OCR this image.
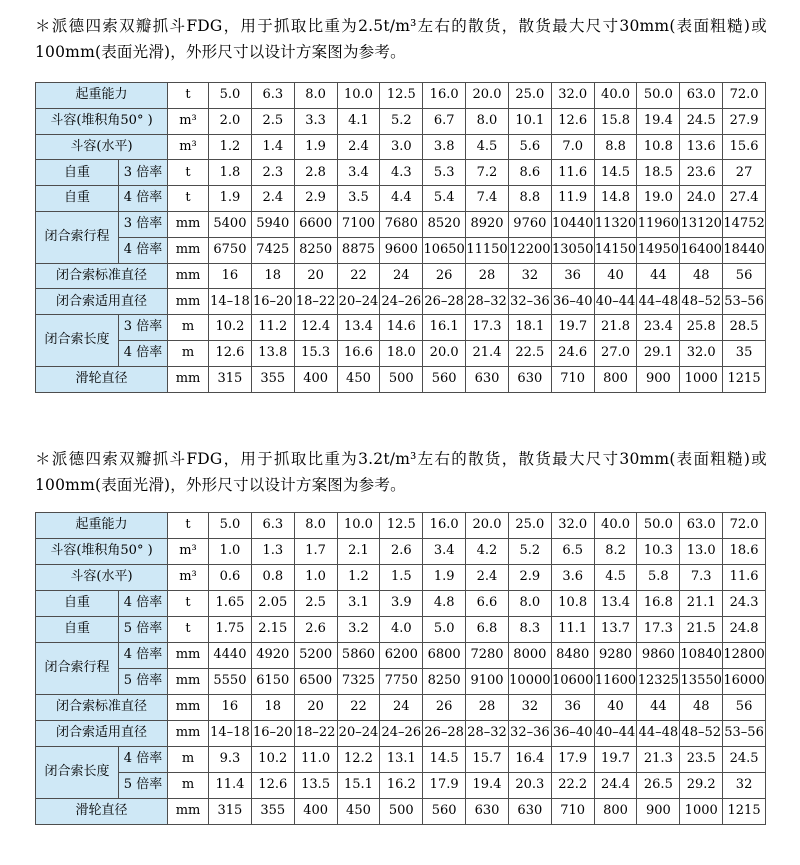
＊派德四索双瓣抓斗FDG，用于抓取比重为2.5t/m³左右的散货，散货最大尺寸30mm(表面粗糙)或100mm(表面光滑)，外形尺寸以设计方案图为参考。

起重能力		t	5.0	6.3	8.0	10.0	12.5	16.0	20.0	25.0	32.0	40.0	50.0	63.0	72.0
斗容(堆积角50° )		m³	2.0	2.5	3.3	4.1	5.2	6.7	8.0	10.1	12.6	15.8	19.4	24.5	27.9
斗容(水平)		m³	1.2	1.4	1.9	2.4	3.0	3.8	4.5	5.6	7.0	8.8	10.8	13.6	15.6
自重	3 倍率	t	1.8	2.3	2.8	3.4	4.3	5.3	7.2	8.6	11.6	14.5	18.5	23.6	27
自重	4 倍率	t	1.9	2.4	2.9	3.5	4.4	5.4	7.4	8.8	11.9	14.8	19.0	24.0	27.4
闭合索行程	3 倍率	mm	5400	5940	6600	7100	7680	8520	8920	9760	10440	11320	11960	13120	14752
	4 倍率	mm	6750	7425	8250	8875	9600	10650	11150	12200	13050	14150	14950	16400	18440
闭合索标准直径		mm	16	18	20	22	24	26	28	32	36	40	44	48	56
闭合索适用直径		mm	14–18	16–20	18–22	20–24	24–26	26–28	28–32	32–36	36–40	40–44	44–48	48–52	53–56
闭合索长度	3 倍率	m	10.2	11.2	12.4	13.4	14.6	16.1	17.3	18.1	19.7	21.8	23.4	25.8	28.5
	4 倍率	m	12.6	13.8	15.3	16.6	18.0	20.0	21.4	22.5	24.6	27.0	29.1	32.0	35
滑轮直径		mm	315	355	400	450	500	560	630	630	710	800	900	1000	1215

＊派德四索双瓣抓斗FDG，用于抓取比重为3.2t/m³左右的散货，散货最大尺寸30mm(表面粗糙)或100mm(表面光滑)，外形尺寸以设计方案图为参考。

起重能力		t	5.0	6.3	8.0	10.0	12.5	16.0	20.0	25.0	32.0	40.0	50.0	63.0	72.0
斗容(堆积角50° )		m³	1.0	1.3	1.7	2.1	2.6	3.4	4.2	5.2	6.5	8.2	10.3	13.0	18.6
斗容(水平)		m³	0.6	0.8	1.0	1.2	1.5	1.9	2.4	2.9	3.6	4.5	5.8	7.3	11.6
自重	4 倍率	t	1.65	2.05	2.5	3.1	3.9	4.8	6.6	8.0	10.8	13.4	16.8	21.1	24.3
自重	5 倍率	t	1.75	2.15	2.6	3.2	4.0	5.0	6.8	8.3	11.1	13.7	17.3	21.5	24.8
闭合索行程	4 倍率	mm	4440	4920	5200	5860	6200	6800	7280	8000	8480	9280	9860	10840	12800
	5 倍率	mm	5550	6150	6500	7325	7750	8250	9100	10000	10600	11600	12325	13550	16000
闭合索标准直径		mm	16	18	20	22	24	26	28	32	36	40	44	48	56
闭合索适用直径		mm	14–18	16–20	18–22	20–24	24–26	26–28	28–32	32–36	36–40	40–44	44–48	48–52	53–56
闭合索长度	4 倍率	m	9.3	10.2	11.0	12.2	13.1	14.5	15.7	16.4	17.9	19.7	21.3	23.5	24.5
	5 倍率	m	11.4	12.6	13.5	15.1	16.2	17.9	19.4	20.3	22.2	24.4	26.5	29.2	32
滑轮直径		mm	315	355	400	450	500	560	630	630	710	800	900	1000	1215
